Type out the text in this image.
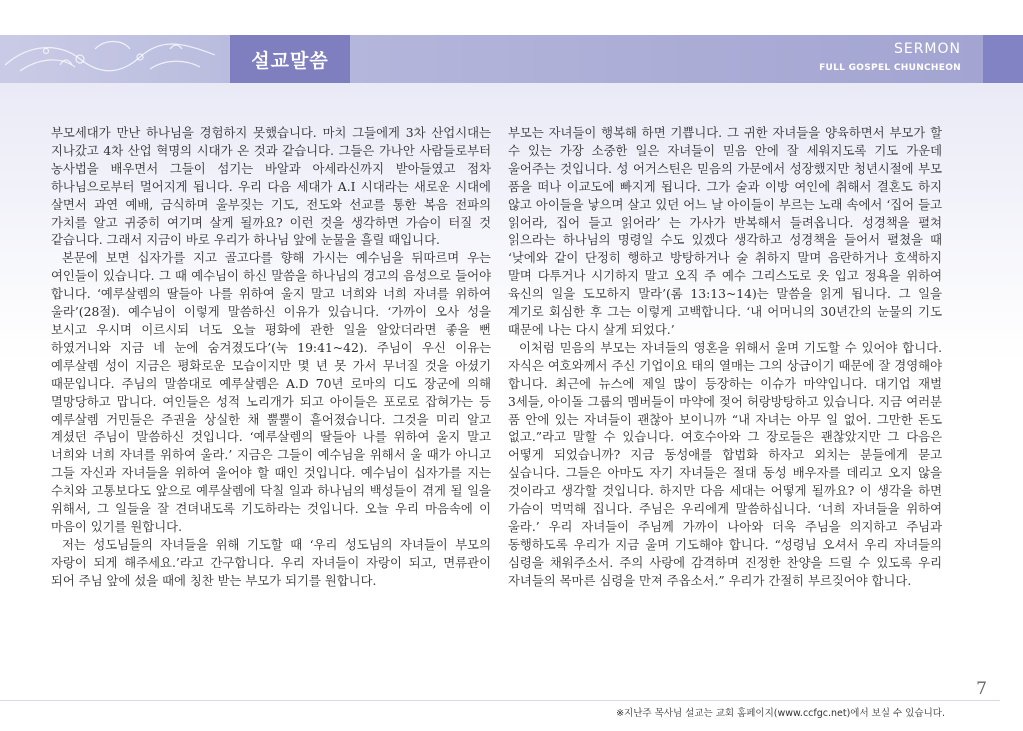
설교말씀
SERMON
FULL GOSPEL CHUNCHEON

부모세대가 만난 하나님을 경험하지 못했습니다. 마치 그들에게 3차 산업시대는 지나갔고 4차 산업 혁명의 시대가 온 것과 같습니다. 그들은 가나안 사람들로부터 농사법을 배우면서 그들이 섬기는 바알과 아세라신까지 받아들였고 점차 하나님으로부터 멀어지게 됩니다. 우리 다음 세대가 A.I 시대라는 새로운 시대에 살면서 과연 예배, 금식하며 울부짖는 기도, 전도와 선교를 통한 복음 전파의 가치를 알고 귀중히 여기며 살게 될까요? 이런 것을 생각하면 가슴이 터질 것 같습니다. 그래서 지금이 바로 우리가 하나님 앞에 눈물을 흘릴 때입니다.

본문에 보면 십자가를 지고 골고다를 향해 가시는 예수님을 뒤따르며 우는 여인들이 있습니다. 그 때 예수님이 하신 말씀을 하나님의 경고의 음성으로 들어야 합니다. ‘예루살렘의 딸들아 나를 위하여 울지 말고 너희와 너희 자녀를 위하여 울라’(28절). 예수님이 이렇게 말씀하신 이유가 있습니다. ‘가까이 오사 성을 보시고 우시며 이르시되 너도 오늘 평화에 관한 일을 알았더라면 좋을 뻔 하였거니와 지금 네 눈에 숨겨졌도다’(눅 19:41~42). 주님이 우신 이유는 예루살렘 성이 지금은 평화로운 모습이지만 몇 년 못 가서 무너질 것을 아셨기 때문입니다. 주님의 말씀대로 예루살렘은 A.D 70년 로마의 디도 장군에 의해 멸망당하고 맙니다. 여인들은 성적 노리개가 되고 아이들은 포로로 잡혀가는 등 예루살렘 거민들은 주권을 상실한 채 뿔뿔이 흩어졌습니다. 그것을 미리 알고 계셨던 주님이 말씀하신 것입니다. ‘예루살렘의 딸들아 나를 위하여 울지 말고 너희와 너희 자녀를 위하여 울라.’ 지금은 그들이 예수님을 위해서 울 때가 아니고 그들 자신과 자녀들을 위하여 울어야 할 때인 것입니다. 예수님이 십자가를 지는 수치와 고통보다도 앞으로 예루살렘에 닥칠 일과 하나님의 백성들이 겪게 될 일을 위해서, 그 일들을 잘 견뎌내도록 기도하라는 것입니다. 오늘 우리 마음속에 이 마음이 있기를 원합니다.

저는 성도님들의 자녀들을 위해 기도할 때 ‘우리 성도님의 자녀들이 부모의 자랑이 되게 해주세요.’라고 간구합니다. 우리 자녀들이 자랑이 되고, 면류관이 되어 주님 앞에 섰을 때에 칭찬 받는 부모가 되기를 원합니다.

부모는 자녀들이 행복해 하면 기쁩니다. 그 귀한 자녀들을 양육하면서 부모가 할 수 있는 가장 소중한 일은 자녀들이 믿음 안에 잘 세워지도록 기도 가운데 울어주는 것입니다. 성 어거스틴은 믿음의 가문에서 성장했지만 청년시절에 부모 품을 떠나 이교도에 빠지게 됩니다. 그가 술과 이방 여인에 취해서 결혼도 하지 않고 아이들을 낳으며 살고 있던 어느 날 아이들이 부르는 노래 속에서 ‘집어 들고 읽어라, 집어 들고 읽어라’ 는 가사가 반복해서 들려옵니다. 성경책을 펼쳐 읽으라는 하나님의 명령일 수도 있겠다 생각하고 성경책을 들어서 펼쳤을 때 ‘낮에와 같이 단정히 행하고 방탕하거나 술 취하지 말며 음란하거나 호색하지 말며 다투거나 시기하지 말고 오직 주 예수 그리스도로 옷 입고 정욕을 위하여 육신의 일을 도모하지 말라’(롬 13:13~14)는 말씀을 읽게 됩니다. 그 일을 계기로 회심한 후 그는 이렇게 고백합니다. ‘내 어머니의 30년간의 눈물의 기도 때문에 나는 다시 살게 되었다.’

이처럼 믿음의 부모는 자녀들의 영혼을 위해서 울며 기도할 수 있어야 합니다. 자식은 여호와께서 주신 기업이요 태의 열매는 그의 상급이기 때문에 잘 경영해야 합니다. 최근에 뉴스에 제일 많이 등장하는 이슈가 마약입니다. 대기업 재벌 3세들, 아이돌 그룹의 멤버들이 마약에 젖어 허랑방탕하고 있습니다. 지금 여러분 품 안에 있는 자녀들이 괜찮아 보이니까 “내 자녀는 아무 일 없어. 그만한 돈도 없고.”라고 말할 수 있습니다. 여호수아와 그 장로들은 괜찮았지만 그 다음은 어떻게 되었습니까? 지금 동성애를 합법화 하자고 외치는 분들에게 묻고 싶습니다. 그들은 아마도 자기 자녀들은 절대 동성 배우자를 데리고 오지 않을 것이라고 생각할 것입니다. 하지만 다음 세대는 어떻게 될까요? 이 생각을 하면 가슴이 먹먹해 집니다. 주님은 우리에게 말씀하십니다. ‘너희 자녀들을 위하여 울라.’ 우리 자녀들이 주님께 가까이 나아와 더욱 주님을 의지하고 주님과 동행하도록 우리가 지금 울며 기도해야 합니다. “성령님 오셔서 우리 자녀들의 심령을 채워주소서. 주의 사랑에 감격하며 진정한 찬양을 드릴 수 있도록 우리 자녀들의 목마른 심령을 만져 주옵소서.” 우리가 간절히 부르짖어야 합니다.

7
※지난주 목사님 설교는 교회 홈페이지(www.ccfgc.net)에서 보실 수 있습니다.
